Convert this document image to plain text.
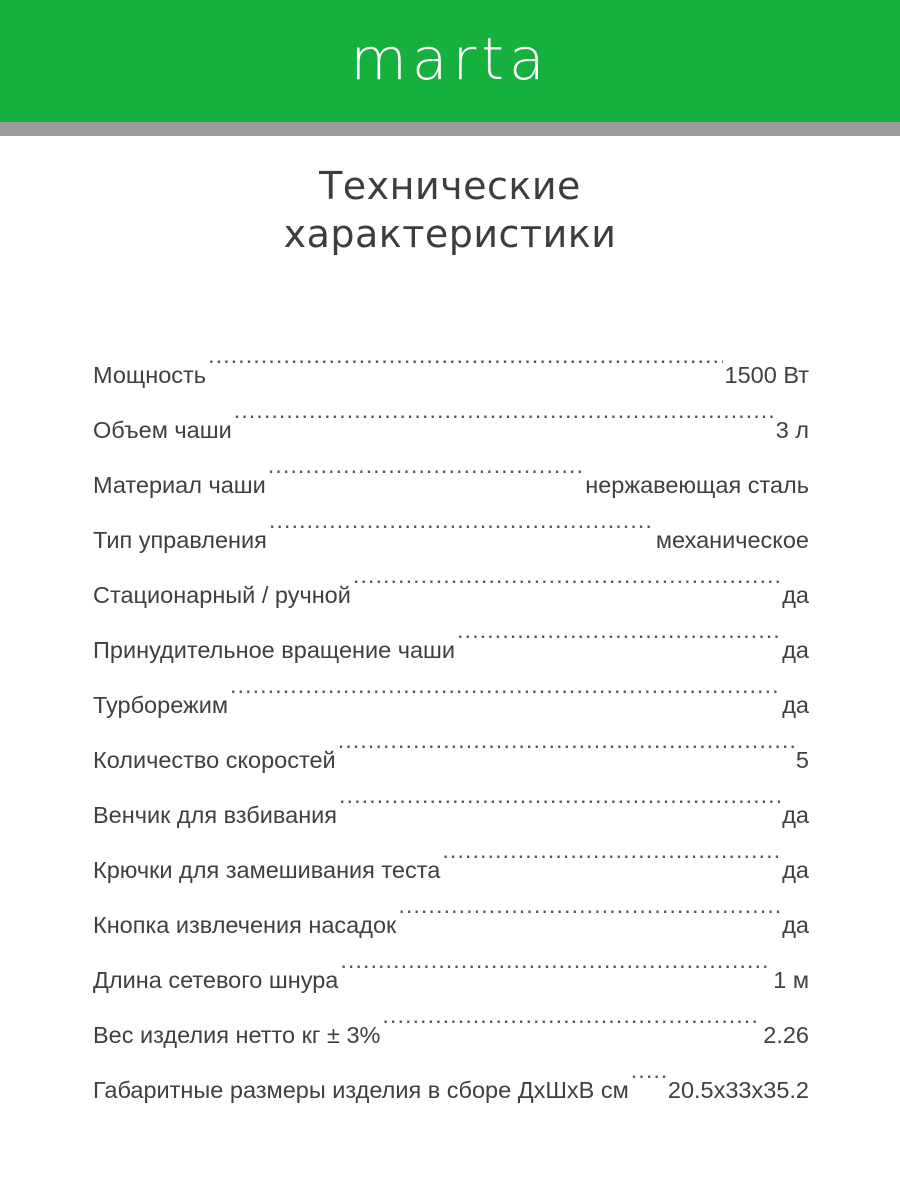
marta
Технические
характеристики
Мощность .....	1500 Вт
Объем чаши .....	3 л
Материал чаши .....	нержавеющая сталь
Тип управления .....	механическое
Стационарный / ручной .....	да
Принудительное вращение чаши .....	да
Турборежим .....	да
Количество скоростей .....	5
Венчик для взбивания .....	да
Крючки для замешивания теста .....	да
Кнопка извлечения насадок .....	да
Длина сетевого шнура .....	1 м
Вес изделия нетто кг ± 3% .....	2.26
Габаритные размеры изделия в сборе ДхШхВ см ..... 20.5x33x35.2
